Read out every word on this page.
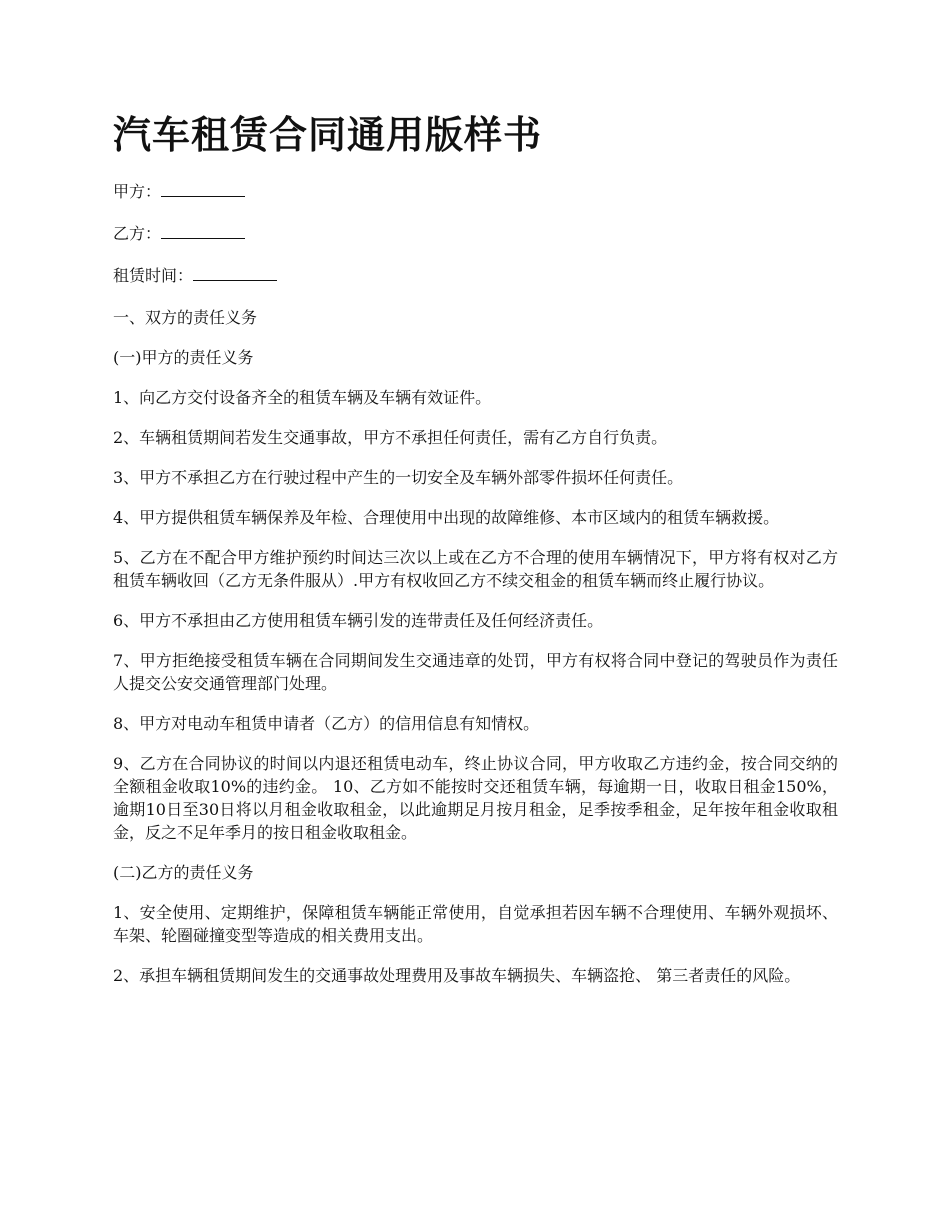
汽车租赁合同通用版样书

甲方：

乙方：

租赁时间：

一、双方的责任义务

(一)甲方的责任义务

1、向乙方交付设备齐全的租赁车辆及车辆有效证件。

2、车辆租赁期间若发生交通事故，甲方不承担任何责任，需有乙方自行负责。

3、甲方不承担乙方在行驶过程中产生的一切安全及车辆外部零件损坏任何责任。

4、甲方提供租赁车辆保养及年检、合理使用中出现的故障维修、本市区域内的租赁车辆救援。

5、乙方在不配合甲方维护预约时间达三次以上或在乙方不合理的使用车辆情况下，甲方将有权对乙方租赁车辆收回（乙方无条件服从）.甲方有权收回乙方不续交租金的租赁车辆而终止履行协议。

6、甲方不承担由乙方使用租赁车辆引发的连带责任及任何经济责任。

7、甲方拒绝接受租赁车辆在合同期间发生交通违章的处罚，甲方有权将合同中登记的驾驶员作为责任人提交公安交通管理部门处理。

8、甲方对电动车租赁申请者（乙方）的信用信息有知情权。

9、乙方在合同协议的时间以内退还租赁电动车，终止协议合同，甲方收取乙方违约金，按合同交纳的全额租金收取10%的违约金。 10、乙方如不能按时交还租赁车辆，每逾期一日，收取日租金150%，逾期10日至30日将以月租金收取租金，以此逾期足月按月租金，足季按季租金，足年按年租金收取租金，反之不足年季月的按日租金收取租金。

(二)乙方的责任义务

1、安全使用、定期维护，保障租赁车辆能正常使用，自觉承担若因车辆不合理使用、车辆外观损坏、车架、轮圈碰撞变型等造成的相关费用支出。

2、承担车辆租赁期间发生的交通事故处理费用及事故车辆损失、车辆盗抢、 第三者责任的风险。
